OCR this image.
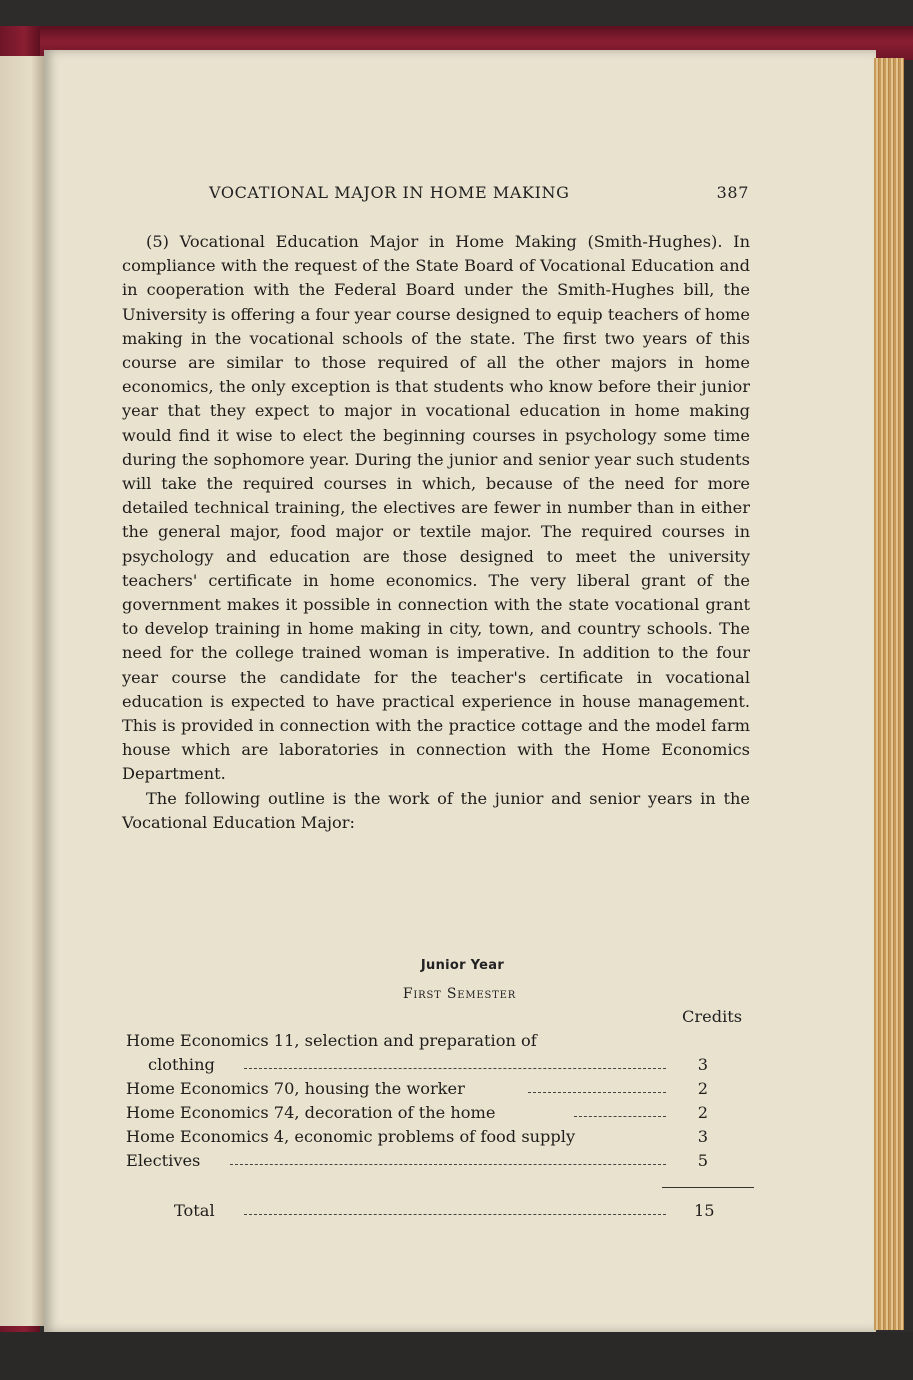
VOCATIONAL MAJOR IN HOME MAKING	387

(5) Vocational Education Major in Home Making (Smith-Hughes). In compliance with the request of the State Board of Vocational Education and in cooperation with the Federal Board under the Smith-Hughes bill, the University is offering a four year course designed to equip teachers of home making in the vocational schools of the state. The first two years of this course are similar to those required of all the other majors in home economics, the only exception is that students who know before their junior year that they expect to major in vocational education in home making would find it wise to elect the beginning courses in psychology some time during the sophomore year. During the junior and senior year such students will take the required courses in which, because of the need for more detailed technical training, the electives are fewer in number than in either the general major, food major or textile major. The required courses in psychology and education are those designed to meet the university teachers' certificate in home economics. The very liberal grant of the government makes it possible in connection with the state vocational grant to develop training in home making in city, town, and country schools. The need for the college trained woman is imperative. In addition to the four year course the candidate for the teacher's certificate in vocational education is expected to have practical experience in house management. This is provided in connection with the practice cottage and the model farm house which are laboratories in connection with the Home Economics Department.

The following outline is the work of the junior and senior years in the Vocational Education Major:

Junior Year
First Semester
Credits
Home Economics 11, selection and preparation of
clothing	3
Home Economics 70, housing the worker	2
Home Economics 74, decoration of the home	2
Home Economics 4, economic problems of food supply	3
Electives	5
Total	15
